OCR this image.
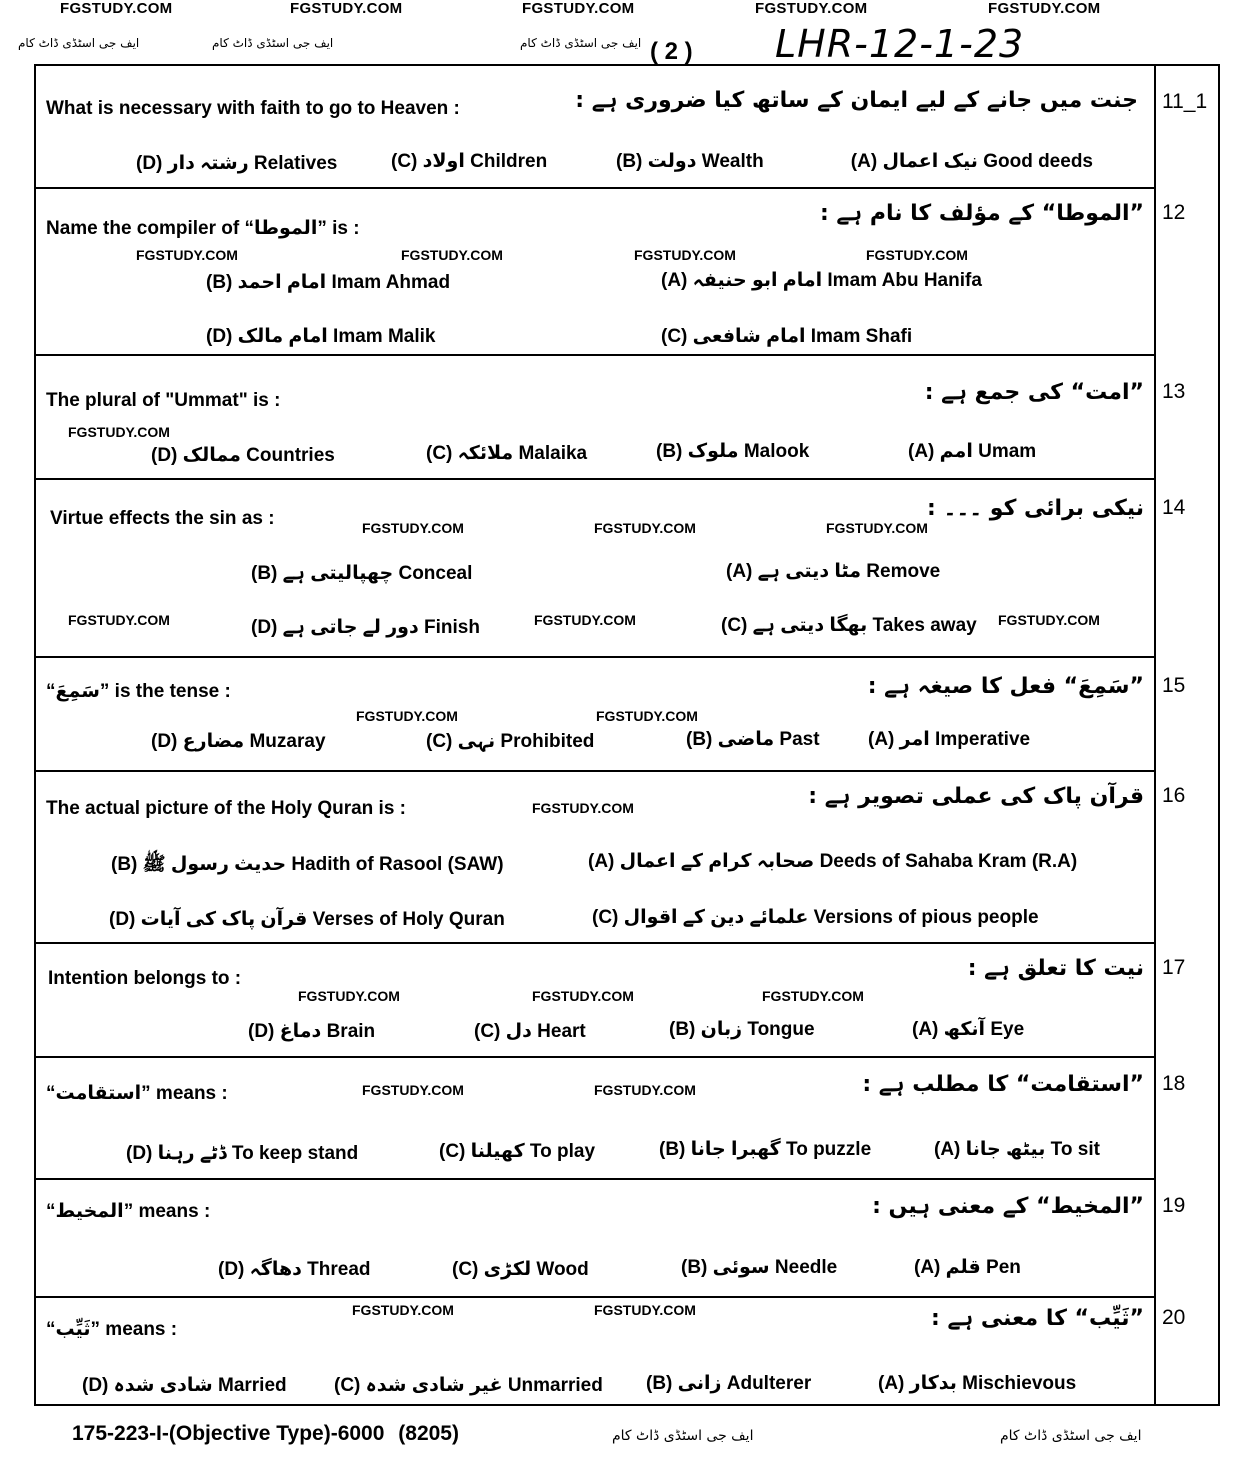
FGSTUDY.COM	FGSTUDY.COM	FGSTUDY.COM	FGSTUDY.COM	FGSTUDY.COM
ایف جی اسٹڈی ڈاٹ کام	ایف جی اسٹڈی ڈاٹ کام	ایف جی اسٹڈی ڈاٹ کام ( 2 ) LHR-12-1-23
11_1
جنت میں جانے کے لیے ایمان کے ساتھ کیا ضروری ہے :
What is necessary with faith to go to Heaven :
(A) نیک اعمال Good deeds
(B) دولت Wealth
(C) اولاد Children
(D) رشتہ دار Relatives
12
”الموطا“ کے مؤلف کا نام ہے :
Name the compiler of “الموطا” is :
FGSTUDY.COM	FGSTUDY.COM	FGSTUDY.COM	FGSTUDY.COM
(A) امام ابو حنیفہ Imam Abu Hanifa
(B) امام احمد Imam Ahmad
(C) امام شافعی Imam Shafi
(D) امام مالک Imam Malik
13
”امت“ کی جمع ہے :
The plural of "Ummat" is :
FGSTUDY.COM
(A) امم Umam
(B) ملوک Malook
(C) ملائکہ Malaika
(D) ممالک Countries
14
نیکی برائی کو ۔۔۔ :
Virtue effects the sin as :	FGSTUDY.COM	FGSTUDY.COM	FGSTUDY.COM
(A) مٹا دیتی ہے Remove
(B) چھپالیتی ہے Conceal
FGSTUDY.COM	FGSTUDY.COM	FGSTUDY.COM
(C) بھگا دیتی ہے Takes away
(D) دور لے جاتی ہے Finish
15
”سَمِعَ“ فعل کا صیغہ ہے :
“سَمِعَ” is the tense :
FGSTUDY.COM	FGSTUDY.COM
(A) امر Imperative
(B) ماضی Past
(C) نہی Prohibited
(D) مضارع Muzaray
16
قرآن پاک کی عملی تصویر ہے :
The actual picture of the Holy Quran is :	FGSTUDY.COM
(A) صحابہ کرام کے اعمال Deeds of Sahaba Kram (R.A)
(B) حدیث رسول ﷺ Hadith of Rasool (SAW)
(C) علمائے دین کے اقوال Versions of pious people
(D) قرآن پاک کی آیات Verses of Holy Quran
17
نیت کا تعلق ہے :
Intention belongs to :
FGSTUDY.COM	FGSTUDY.COM	FGSTUDY.COM
(A) آنکھ Eye
(B) زبان Tongue
(C) دل Heart
(D) دماغ Brain
18
”استقامت“ کا مطلب ہے :
“استقامت” means :	FGSTUDY.COM	FGSTUDY.COM
(A) بیٹھ جانا To sit
(B) گھبرا جانا To puzzle
(C) کھیلنا To play
(D) ڈٹے رہنا To keep stand
19
”المخیط“ کے معنی ہیں :
“المخیط” means :
(A) قلم Pen
(B) سوئی Needle
(C) لکڑی Wood
(D) دھاگہ Thread
20
”ثَیِّب“ کا معنی ہے :
“ثَیِّب” means :
FGSTUDY.COM	FGSTUDY.COM
(A) بدکار Mischievous
(B) زانی Adulterer
(C) غیر شادی شدہ Unmarried
(D) شادی شدہ Married
175-223-I-(Objective Type)-6000 (8205)	ایف جی اسٹڈی ڈاٹ کام	ایف جی اسٹڈی ڈاٹ کام
